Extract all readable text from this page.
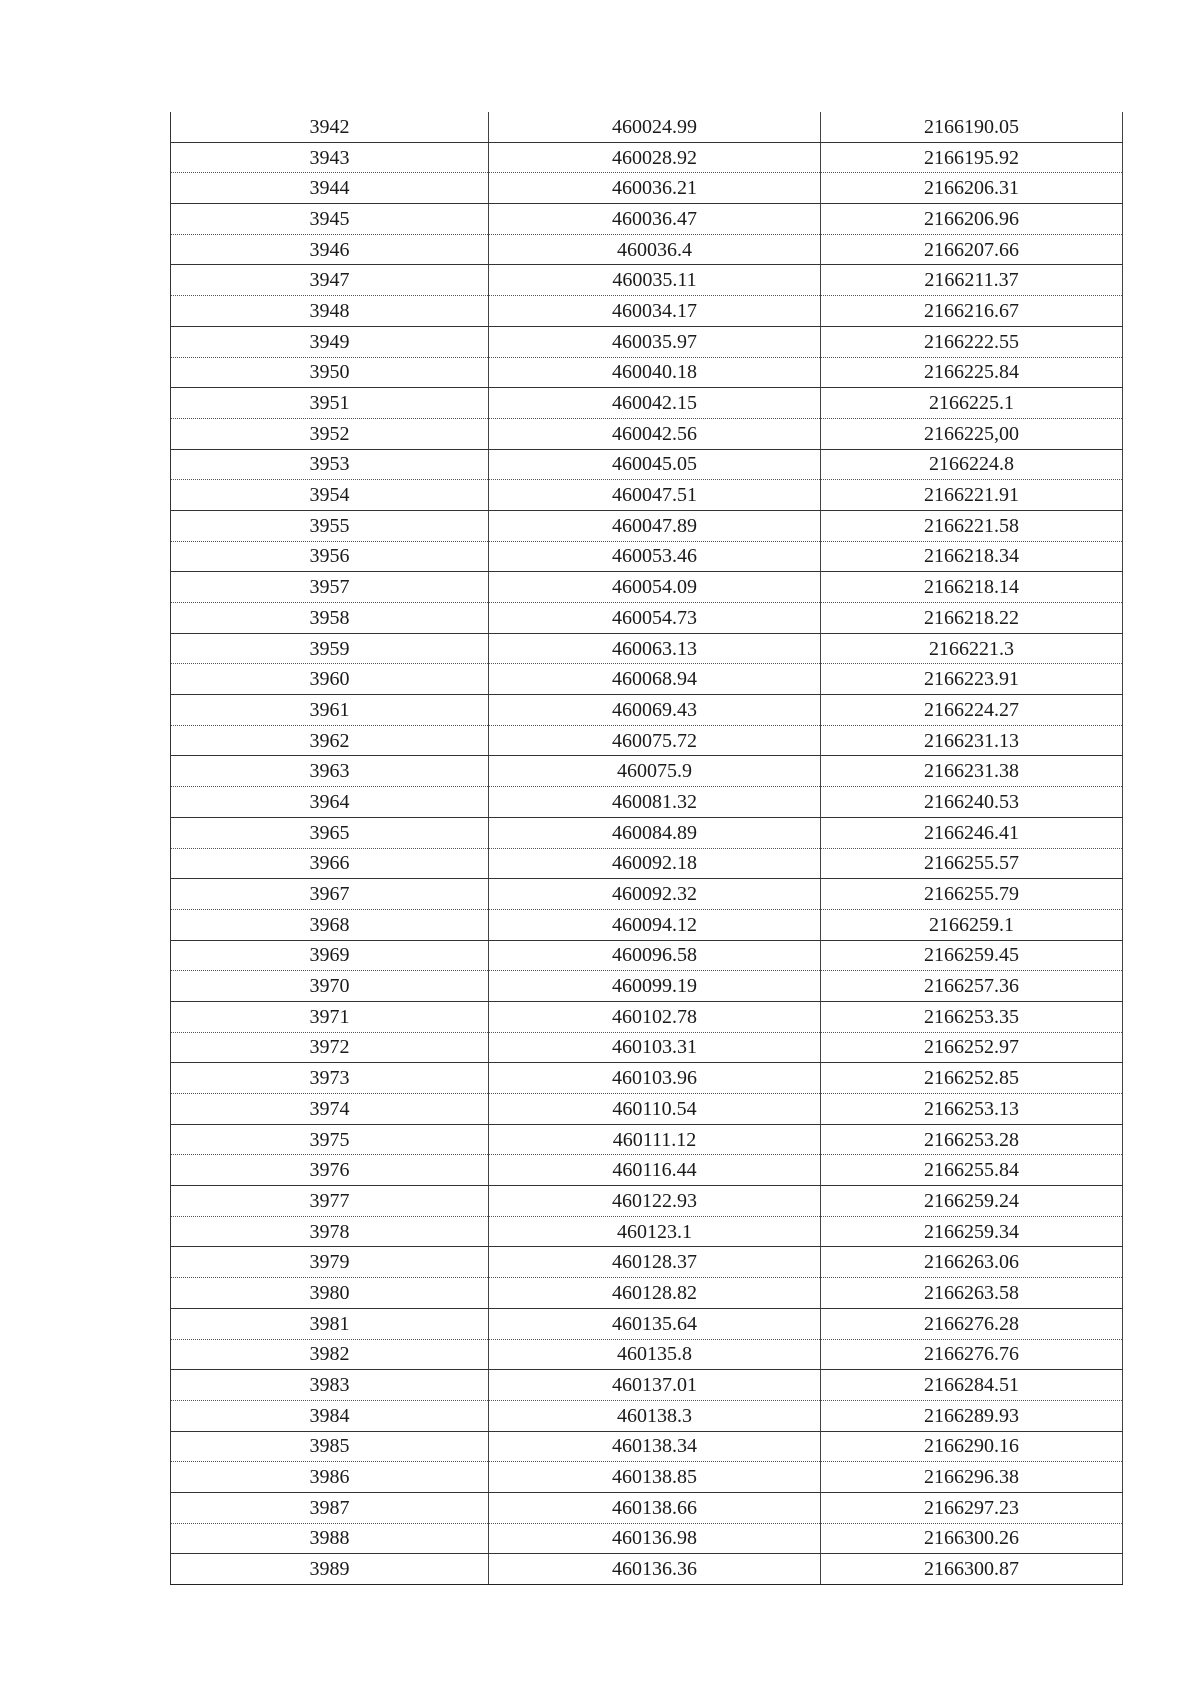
3942	460024.99	2166190.05
3943	460028.92	2166195.92
3944	460036.21	2166206.31
3945	460036.47	2166206.96
3946	460036.4	2166207.66
3947	460035.11	2166211.37
3948	460034.17	2166216.67
3949	460035.97	2166222.55
3950	460040.18	2166225.84
3951	460042.15	2166225.1
3952	460042.56	2166225,00
3953	460045.05	2166224.8
3954	460047.51	2166221.91
3955	460047.89	2166221.58
3956	460053.46	2166218.34
3957	460054.09	2166218.14
3958	460054.73	2166218.22
3959	460063.13	2166221.3
3960	460068.94	2166223.91
3961	460069.43	2166224.27
3962	460075.72	2166231.13
3963	460075.9	2166231.38
3964	460081.32	2166240.53
3965	460084.89	2166246.41
3966	460092.18	2166255.57
3967	460092.32	2166255.79
3968	460094.12	2166259.1
3969	460096.58	2166259.45
3970	460099.19	2166257.36
3971	460102.78	2166253.35
3972	460103.31	2166252.97
3973	460103.96	2166252.85
3974	460110.54	2166253.13
3975	460111.12	2166253.28
3976	460116.44	2166255.84
3977	460122.93	2166259.24
3978	460123.1	2166259.34
3979	460128.37	2166263.06
3980	460128.82	2166263.58
3981	460135.64	2166276.28
3982	460135.8	2166276.76
3983	460137.01	2166284.51
3984	460138.3	2166289.93
3985	460138.34	2166290.16
3986	460138.85	2166296.38
3987	460138.66	2166297.23
3988	460136.98	2166300.26
3989	460136.36	2166300.87
